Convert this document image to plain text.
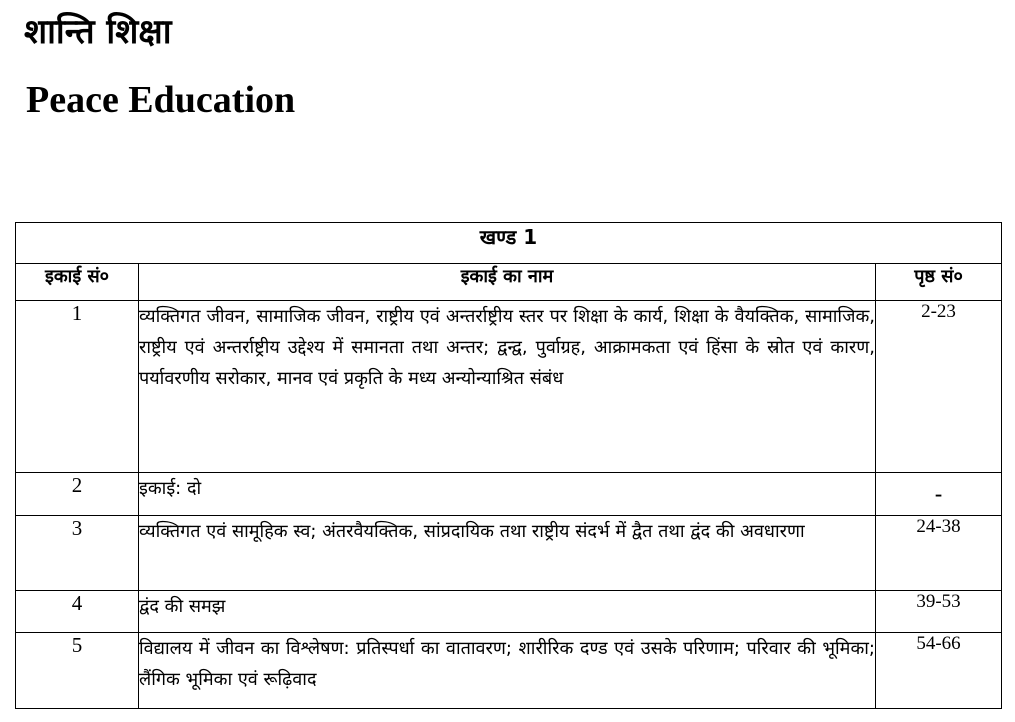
शान्ति शिक्षा
Peace Education
खण्ड 1		
इकाई सं०	इकाई का नाम	पृष्ठ सं०
1	व्यक्तिगत जीवन, सामाजिक जीवन, राष्ट्रीय एवं अन्तर्राष्ट्रीय स्तर पर शिक्षा के कार्य, शिक्षा के वैयक्तिक, सामाजिक, राष्ट्रीय एवं अन्तर्राष्ट्रीय उद्देश्य में समानता तथा अन्तर; द्वन्द्व, पुर्वाग्रह, आक्रामकता एवं हिंसा के स्रोत एवं कारण, पर्यावरणीय सरोकार, मानव एवं प्रकृति के मध्य अन्योन्याश्रित संबंध	2-23
2	इकाई: दो	-
3	व्यक्तिगत एवं सामूहिक स्व; अंतरवैयक्तिक, सांप्रदायिक तथा राष्ट्रीय संदर्भ में द्वैत तथा द्वंद की अवधारणा	24-38
4	द्वंद की समझ	39-53
5	विद्यालय में जीवन का विश्लेषण: प्रतिस्पर्धा का वातावरण; शारीरिक दण्ड एवं उसके परिणाम; परिवार की भूमिका; लैंगिक भूमिका एवं रूढ़िवाद	54-66
